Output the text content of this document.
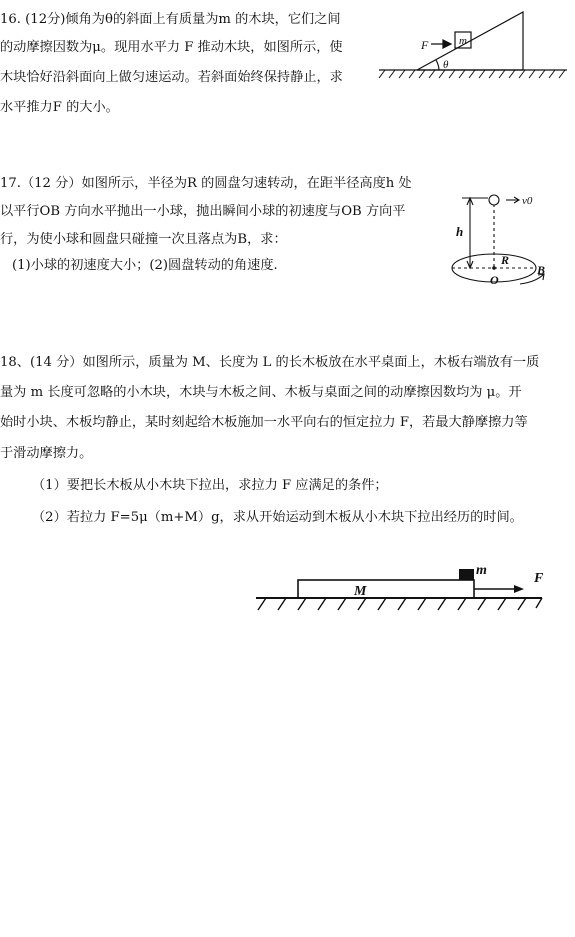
16. (12分)倾角为θ的斜面上有质量为m 的木块，它们之间
的动摩擦因数为μ。现用水平力 F 推动木块，如图所示，使
木块恰好沿斜面向上做匀速运动。若斜面始终保持静止，求
水平推力F 的大小。
F	m
θ
17.（12 分）如图所示，半径为R 的圆盘匀速转动，在距半径高度h 处
以平行OB 方向水平抛出一小球，抛出瞬间小球的初速度与OB 方向平
行，为使小球和圆盘只碰撞一次且落点为B，求：
(1)小球的初速度大小；(2)圆盘转动的角速度.
v0
h
R
O
B
18、(14 分）如图所示，质量为 M、长度为 L 的长木板放在水平桌面上，木板右端放有一质
量为 m 长度可忽略的小木块，木块与木板之间、木板与桌面之间的动摩擦因数均为 μ。开
始时小块、木板均静止，某时刻起给木板施加一水平向右的恒定拉力 F，若最大静摩擦力等
于滑动摩擦力。
（1）要把长木板从小木块下拉出，求拉力 F 应满足的条件；
（2）若拉力 F=5μ（m+M）g，求从开始运动到木板从小木块下拉出经历的时间。
M
m
F
